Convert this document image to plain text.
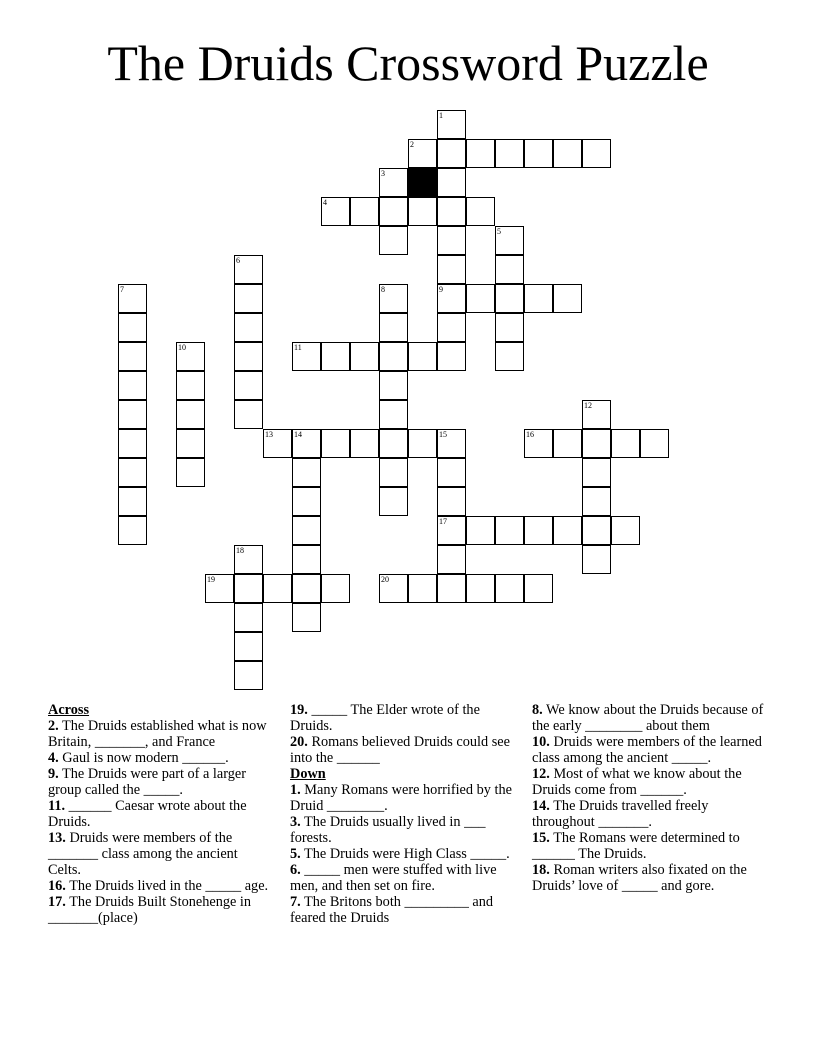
The Druids Crossword Puzzle
1
2
3
4
5
6
9
8
7
11
10
12
13	14	15	16
17
18
19	20
Across
2. The Druids established what is now Britain, _______, and France
4. Gaul is now modern ______.
9. The Druids were part of a larger group called the _____.
11. ______ Caesar wrote about the Druids.
13. Druids were members of the _______ class among the ancient Celts.
16. The Druids lived in the _____ age.
17. The Druids Built Stonehenge in _______(place)
19. _____ The Elder wrote of the Druids.
20. Romans believed Druids could see into the ______
Down
1. Many Romans were horrified by the Druid ________.
3. The Druids usually lived in ___ forests.
5. The Druids were High Class _____.
6. _____ men were stuffed with live men, and then set on fire.
7. The Britons both _________ and feared the Druids
8. We know about the Druids because of the early ________ about them
10. Druids were members of the learned class among the ancient _____.
12. Most of what we know about the Druids come from ______.
14. The Druids travelled freely throughout _______.
15. The Romans were determined to ______ The Druids.
18. Roman writers also fixated on the Druids’ love of _____ and gore.
